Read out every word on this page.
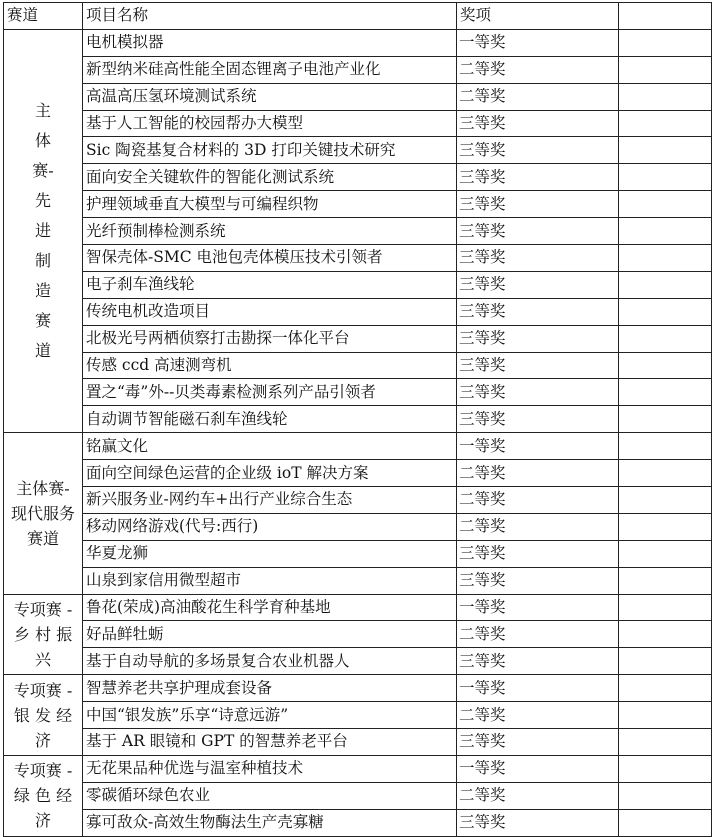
赛道	项目名称	奖项	
主体赛-先进制造赛道	电机模拟器	一等奖	
	新型纳米硅高性能全固态锂离子电池产业化	二等奖	
	高温高压氢环境测试系统	二等奖	
	基于人工智能的校园帮办大模型	三等奖	
	Sic 陶瓷基复合材料的 3D 打印关键技术研究	三等奖	
	面向安全关键软件的智能化测试系统	三等奖	
	护理领域垂直大模型与可编程织物	三等奖	
	光纤预制棒检测系统	三等奖	
	智保壳体-SMC 电池包壳体模压技术引领者	三等奖	
	电子刹车渔线轮	三等奖	
	传统电机改造项目	三等奖	
	北极光号两栖侦察打击勘探一体化平台	三等奖	
	传感 ccd 高速测弯机	三等奖	
	置之“毒”外--贝类毒素检测系列产品引领者	三等奖	
	自动调节智能磁石刹车渔线轮	三等奖	
主体赛-现代服务赛道	铭赢文化	一等奖	
	面向空间绿色运营的企业级 ioT 解决方案	二等奖	
	新兴服务业-网约车+出行产业综合生态	二等奖	
	移动网络游戏(代号:西行)	二等奖	
	华夏龙狮	三等奖	
	山泉到家信用微型超市	三等奖	
专项赛 - 乡 村 振兴	鲁花(荣成)高油酸花生科学育种基地	一等奖	
	好品鲜牡蛎	二等奖	
	基于自动导航的多场景复合农业机器人	三等奖	
专项赛 - 银 发 经济	智慧养老共享护理成套设备	一等奖	
	中国“银发族”乐享“诗意远游”	二等奖	
	基于 AR 眼镜和 GPT 的智慧养老平台	三等奖	
专项赛 - 绿 色 经济	无花果品种优选与温室种植技术	一等奖	
	零碳循环绿色农业	二等奖	
	寡可敌众-高效生物酶法生产壳寡糖	三等奖	
